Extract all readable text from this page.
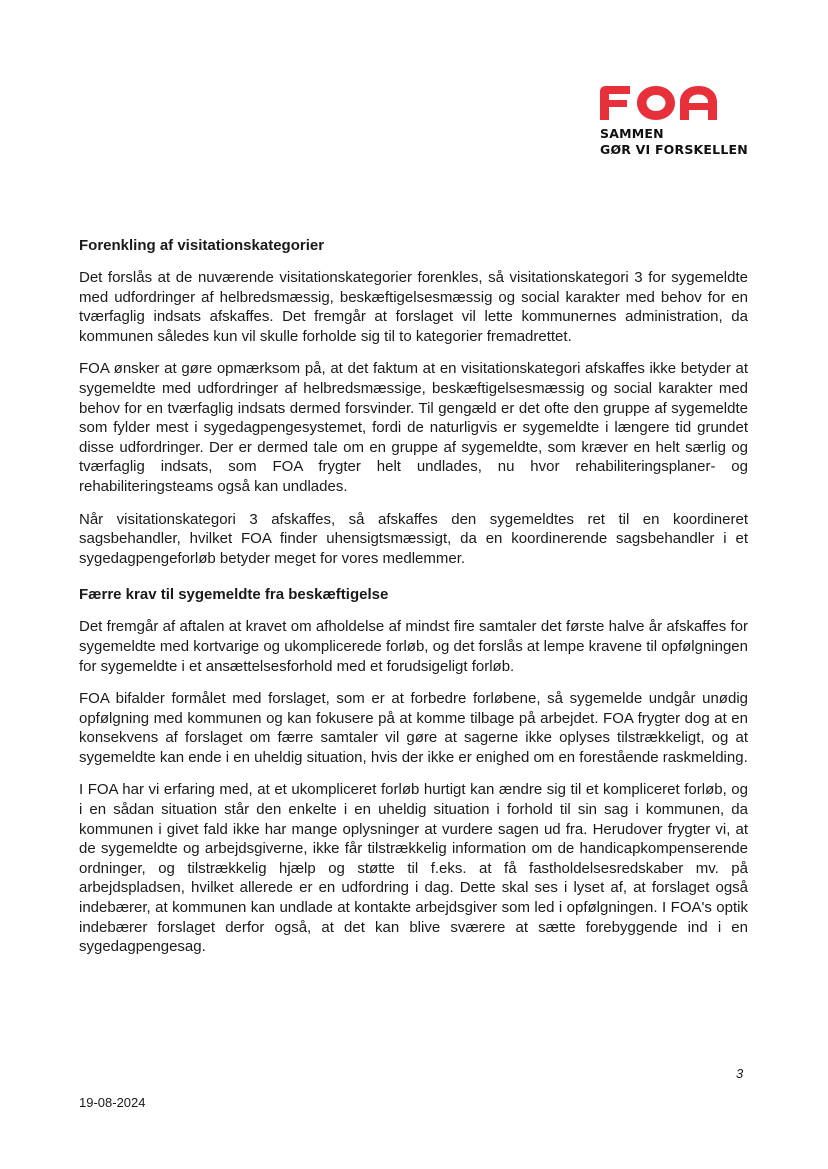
SAMMEN
GØR VI FORSKELLEN
Forenkling af visitationskategorier

Det forslås at de nuværende visitationskategorier forenkles, så visitationskategori 3 for sygemeldte med udfordringer af helbredsmæssig, beskæftigelsesmæssig og social karakter med behov for en tværfaglig indsats afskaffes. Det fremgår at forslaget vil lette kommunernes administration, da kommunen således kun vil skulle forholde sig til to kategorier fremadrettet.

FOA ønsker at gøre opmærksom på, at det faktum at en visitationskategori afskaffes ikke betyder at sygemeldte med udfordringer af helbredsmæssige, beskæftigelsesmæssig og social karakter med behov for en tværfaglig indsats dermed forsvinder. Til gengæld er det ofte den gruppe af sygemeldte som fylder mest i sygedagpengesystemet, fordi de naturligvis er sygemeldte i længere tid grundet disse udfordringer. Der er dermed tale om en gruppe af sygemeldte, som kræver en helt særlig og tværfaglig indsats, som FOA frygter helt undlades, nu hvor rehabiliteringsplaner- og rehabiliteringsteams også kan undlades.

Når visitationskategori 3 afskaffes, så afskaffes den sygemeldtes ret til en koordineret sagsbehandler, hvilket FOA finder uhensigtsmæssigt, da en koordinerende sagsbehandler i et sygedagpengeforløb betyder meget for vores medlemmer.

Færre krav til sygemeldte fra beskæftigelse

Det fremgår af aftalen at kravet om afholdelse af mindst fire samtaler det første halve år afskaffes for sygemeldte med kortvarige og ukomplicerede forløb, og det forslås at lempe kravene til opfølgningen for sygemeldte i et ansættelsesforhold med et forudsigeligt forløb.

FOA bifalder formålet med forslaget, som er at forbedre forløbene, så sygemelde undgår unødig opfølgning med kommunen og kan fokusere på at komme tilbage på arbejdet. FOA frygter dog at en konsekvens af forslaget om færre samtaler vil gøre at sagerne ikke oplyses tilstrækkeligt, og at sygemeldte kan ende i en uheldig situation, hvis der ikke er enighed om en forestående raskmelding.

I FOA har vi erfaring med, at et ukompliceret forløb hurtigt kan ændre sig til et kompliceret forløb, og i en sådan situation står den enkelte i en uheldig situation i forhold til sin sag i kommunen, da kommunen i givet fald ikke har mange oplysninger at vurdere sagen ud fra. Herudover frygter vi, at de sygemeldte og arbejdsgiverne, ikke får tilstrækkelig information om de handicapkompenserende ordninger, og tilstrækkelig hjælp og støtte til f.eks. at få fastholdelsesredskaber mv. på arbejdspladsen, hvilket allerede er en udfordring i dag. Dette skal ses i lyset af, at forslaget også indebærer, at kommunen kan undlade at kontakte arbejdsgiver som led i opfølgningen. I FOA's optik indebærer forslaget derfor også, at det kan blive sværere at sætte forebyggende ind i en sygedagpengesag.

3
19-08-2024
